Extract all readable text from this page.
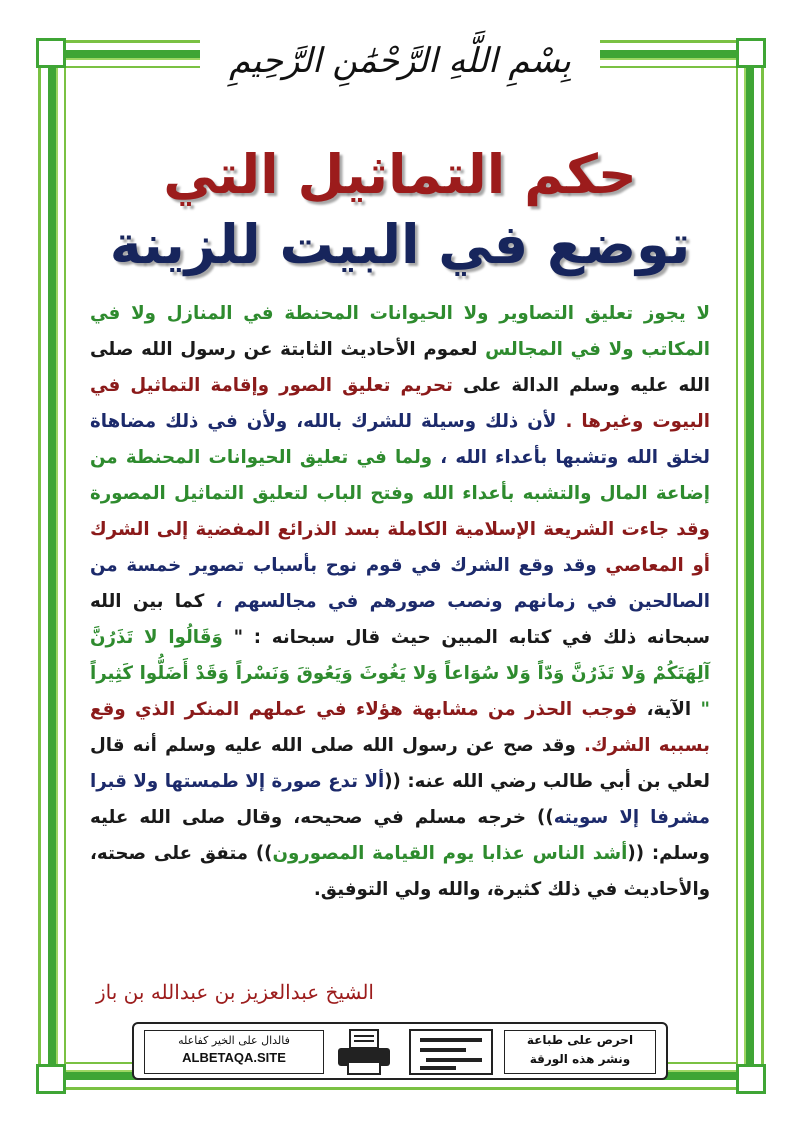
بِسْمِ اللَّهِ الرَّحْمَٰنِ الرَّحِيمِ
حكم التماثيل التي
توضع في البيت للزينة
لا يجوز تعليق التصاوير ولا الحيوانات المحنطة في المنازل ولا في المكاتب ولا في المجالس لعموم الأحاديث الثابتة عن رسول الله صلى الله عليه وسلم الدالة على تحريم تعليق الصور وإقامة التماثيل في البيوت وغيرها . لأن ذلك وسيلة للشرك بالله، ولأن في ذلك مضاهاة لخلق الله وتشبها بأعداء الله ، ولما في تعليق الحيوانات المحنطة من إضاعة المال والتشبه بأعداء الله وفتح الباب لتعليق التماثيل المصورة وقد جاءت الشريعة الإسلامية الكاملة بسد الذرائع المفضية إلى الشرك أو المعاصي وقد وقع الشرك في قوم نوح بأسباب تصوير خمسة من الصالحين في زمانهم ونصب صورهم في مجالسهم ، كما بين الله سبحانه ذلك في كتابه المبين حيث قال سبحانه : " وَقَالُوا لا تَذَرُنَّ آلِهَتَكُمْ وَلا تَذَرُنَّ وَدّاً وَلا سُوَاعاً وَلا يَغُوثَ وَيَعُوقَ وَنَسْراً وَقَدْ أَضَلُّوا كَثِيراً " الآية، فوجب الحذر من مشابهة هؤلاء في عملهم المنكر الذي وقع بسببه الشرك. وقد صح عن رسول الله صلى الله عليه وسلم أنه قال لعلي بن أبي طالب رضي الله عنه: ((ألا تدع صورة إلا طمستها ولا قبرا مشرفا إلا سويته)) خرجه مسلم في صحيحه، وقال صلى الله عليه وسلم: ((أشد الناس عذابا يوم القيامة المصورون)) متفق على صحته، والأحاديث في ذلك كثيرة، والله ولي التوفيق.
الشيخ عبدالعزيز بن عبدالله بن باز
احرص على طباعة
ونشر هذه الورقة
فالدال على الخير كفاعله
ALBETAQA.SITE
